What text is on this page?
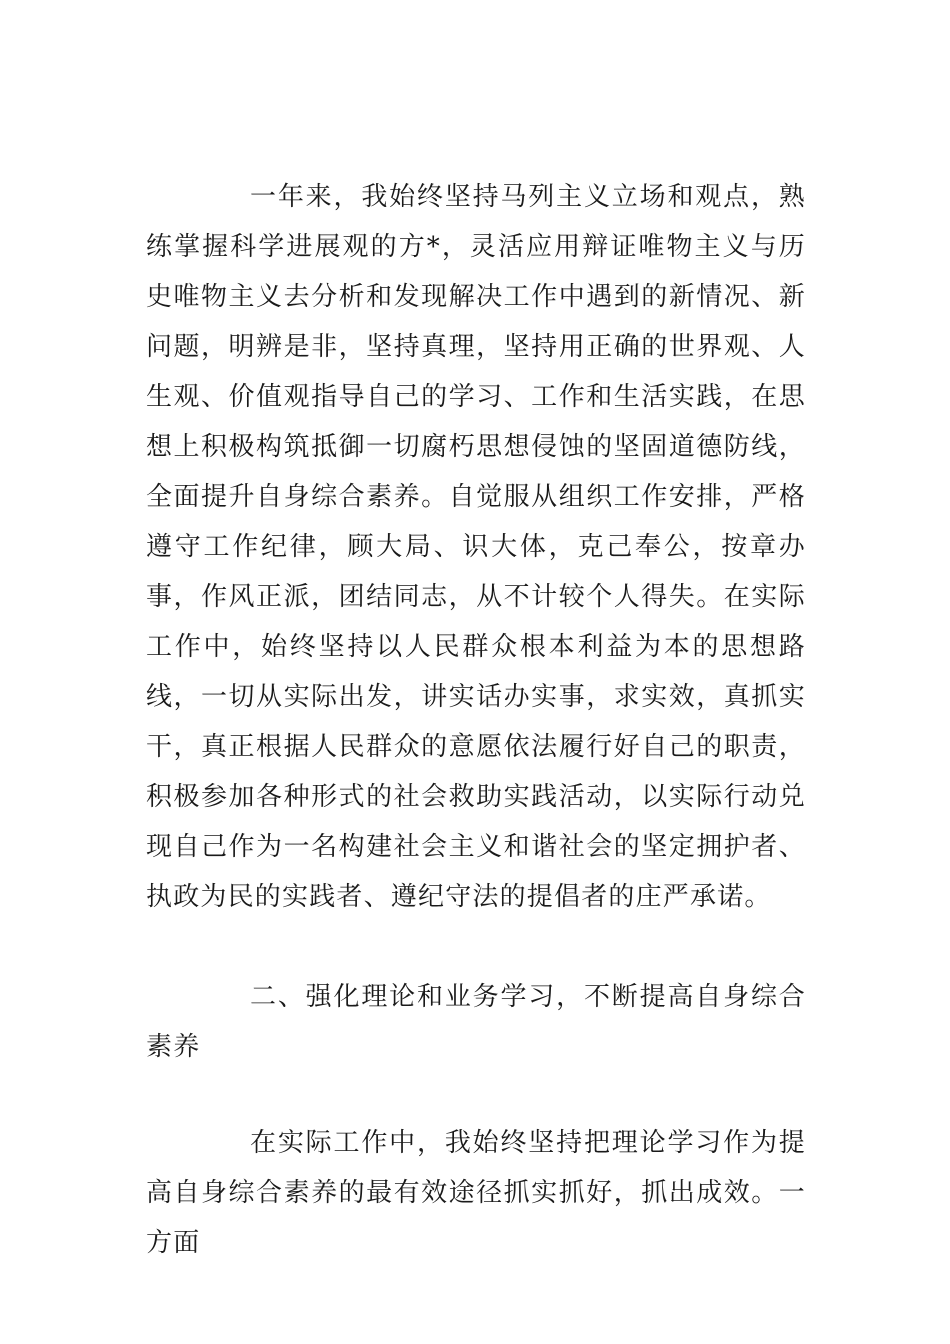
一年来，我始终坚持马列主义立场和观点，熟练掌握科学进展观的方*，灵活应用辩证唯物主义与历史唯物主义去分析和发现解决工作中遇到的新情况、新问题，明辨是非，坚持真理，坚持用正确的世界观、人生观、价值观指导自己的学习、工作和生活实践，在思想上积极构筑抵御一切腐朽思想侵蚀的坚固道德防线，全面提升自身综合素养。自觉服从组织工作安排，严格遵守工作纪律，顾大局、识大体，克己奉公，按章办事，作风正派，团结同志，从不计较个人得失。在实际工作中，始终坚持以人民群众根本利益为本的思想路线，一切从实际出发，讲实话办实事，求实效，真抓实干，真正根据人民群众的意愿依法履行好自己的职责，积极参加各种形式的社会救助实践活动，以实际行动兑现自己作为一名构建社会主义和谐社会的坚定拥护者、执政为民的实践者、遵纪守法的提倡者的庄严承诺。

二、强化理论和业务学习，不断提高自身综合素养

在实际工作中，我始终坚持把理论学习作为提高自身综合素养的最有效途径抓实抓好，抓出成效。一方面
